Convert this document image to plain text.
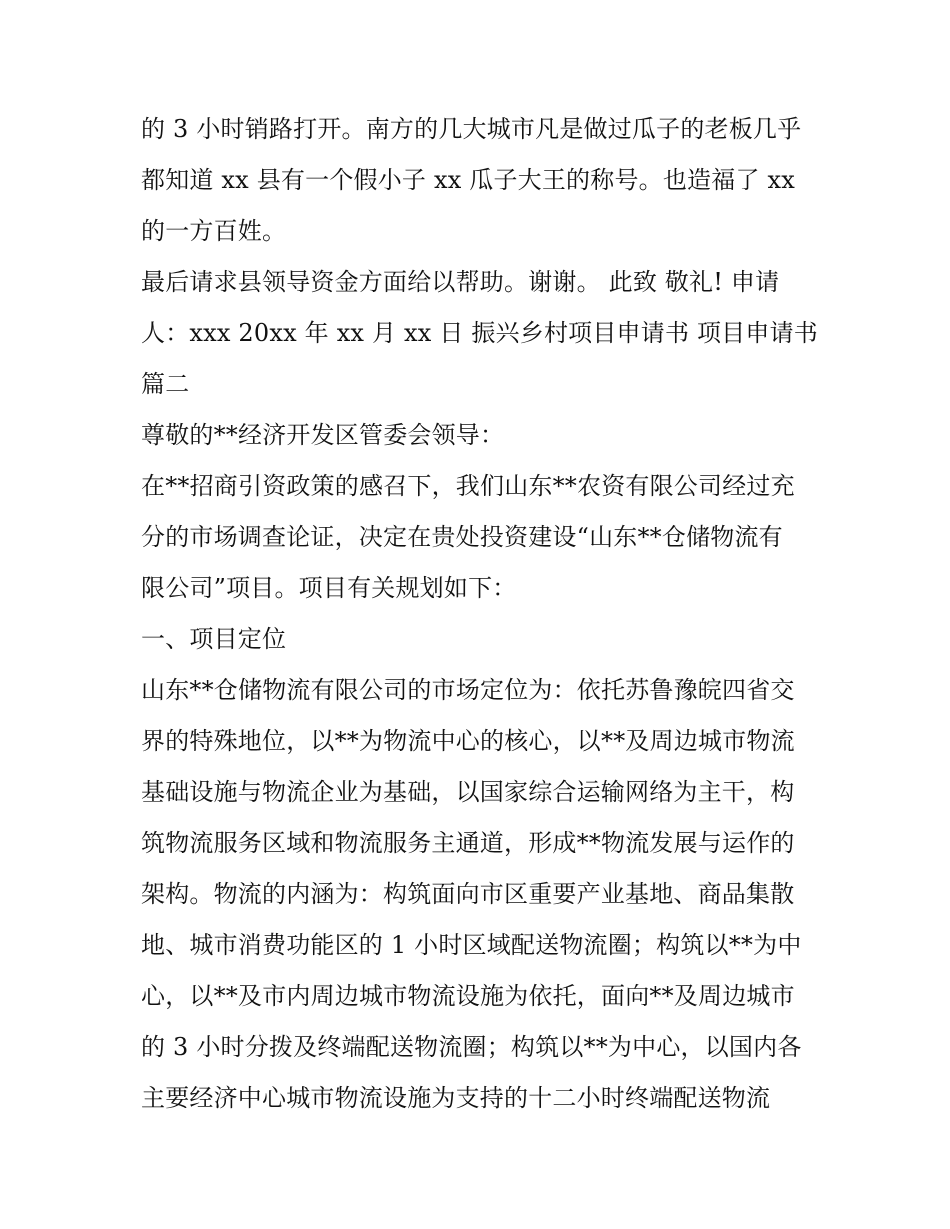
的 3 小时销路打开。南方的几大城市凡是做过瓜子的老板几乎
都知道 xx 县有一个假小子 xx 瓜子大王的称号。也造福了 xx
的一方百姓。
最后请求县领导资金方面给以帮助。谢谢。 此致 敬礼! 申请
人：xxx 20xx 年 xx 月 xx 日 振兴乡村项目申请书 项目申请书
篇二
尊敬的**经济开发区管委会领导：
在**招商引资政策的感召下，我们山东**农资有限公司经过充
分的市场调查论证，决定在贵处投资建设“山东**仓储物流有
限公司”项目。项目有关规划如下：
一、项目定位
山东**仓储物流有限公司的市场定位为：依托苏鲁豫皖四省交
界的特殊地位，以**为物流中心的核心，以**及周边城市物流
基础设施与物流企业为基础，以国家综合运输网络为主干，构
筑物流服务区域和物流服务主通道，形成**物流发展与运作的
架构。物流的内涵为：构筑面向市区重要产业基地、商品集散
地、城市消费功能区的 1 小时区域配送物流圈；构筑以**为中
心，以**及市内周边城市物流设施为依托，面向**及周边城市
的 3 小时分拨及终端配送物流圈；构筑以**为中心，以国内各
主要经济中心城市物流设施为支持的十二小时终端配送物流
